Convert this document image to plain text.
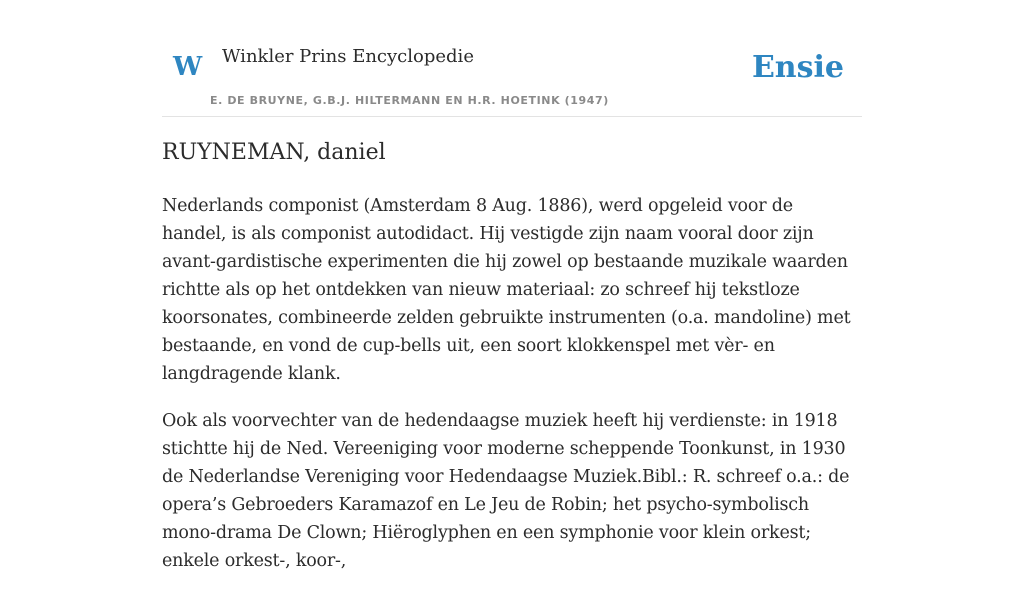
W Winkler Prins Encyclopedie
E. DE BRUYNE, G.B.J. HILTERMANN EN H.R. HOETINK (1947)
Ensie
RUYNEMAN, daniel

Nederlands componist (Amsterdam 8 Aug. 1886), werd opgeleid voor de handel, is als componist autodidact. Hij vestigde zijn naam vooral door zijn avant-gardistische experimenten die hij zowel op bestaande muzikale waarden richtte als op het ontdekken van nieuw materiaal: zo schreef hij tekstloze koorsonates, combineerde zelden gebruikte instrumenten (o.a. mandoline) met bestaande, en vond de cup-bells uit, een soort klokkenspel met vèr- en langdragende klank.

Ook als voorvechter van de hedendaagse muziek heeft hij verdienste: in 1918 stichtte hij de Ned. Vereeniging voor moderne scheppende Toonkunst, in 1930 de Nederlandse Vereniging voor Hedendaagse Muziek.Bibl.: R. schreef o.a.: de opera’s Gebroeders Karamazof en Le Jeu de Robin; het psycho-symbolisch mono-drama De Clown; Hiëroglyphen en een symphonie voor klein orkest; enkele orkest-, koor-,
